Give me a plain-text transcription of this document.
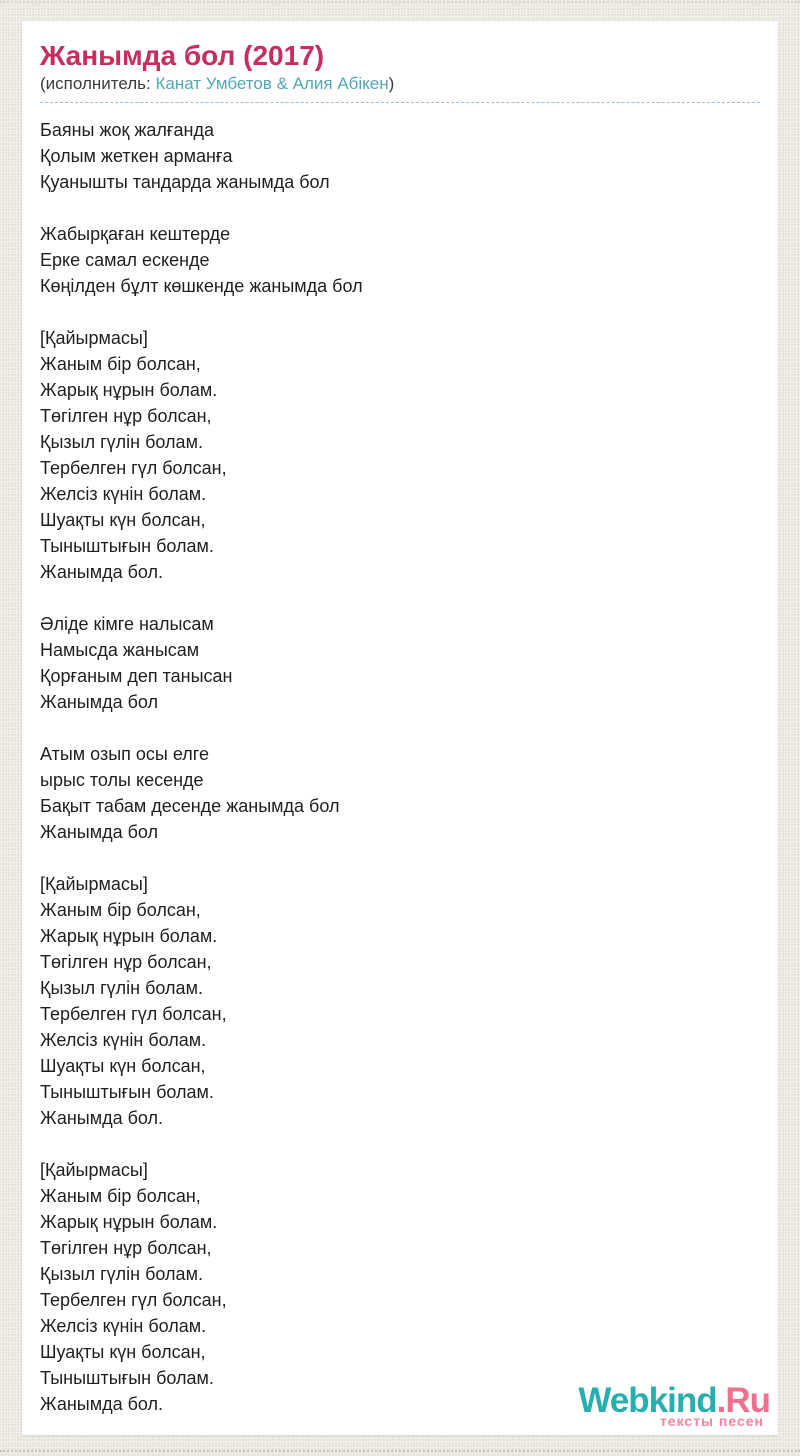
Жанымда бол (2017)
(исполнитель: Канат Умбетов & Алия Абікен)
Баяны жоқ жалғанда
Қолым жеткен арманға
Қуанышты тандарда жанымда бол
Жабырқаған кештерде
Ерке самал ескенде
Көңілден бұлт көшкенде жанымда бол
[Қайырмасы]
Жаным бір болсан,
Жарық нұрын болам.
Төгілген нұр болсан,
Қызыл гүлін болам.
Тербелген гүл болсан,
Желсіз күнін болам.
Шуақты күн болсан,
Тыныштығын болам.
Жанымда бол.
Әліде кімге налысам
Намысда жанысам
Қорғаным деп танысан
Жанымда бол
Атым озып осы елге
ырыс толы кесенде
Бақыт табам десенде жанымда бол
Жанымда бол
[Қайырмасы]
Жаным бір болсан,
Жарық нұрын болам.
Төгілген нұр болсан,
Қызыл гүлін болам.
Тербелген гүл болсан,
Желсіз күнін болам.
Шуақты күн болсан,
Тыныштығын болам.
Жанымда бол.
[Қайырмасы]
Жаным бір болсан,
Жарық нұрын болам.
Төгілген нұр болсан,
Қызыл гүлін болам.
Тербелген гүл болсан,
Желсіз күнін болам.
Шуақты күн болсан,
Тыныштығын болам.
Жанымда бол.	Webkind.Ru
тексты песен
